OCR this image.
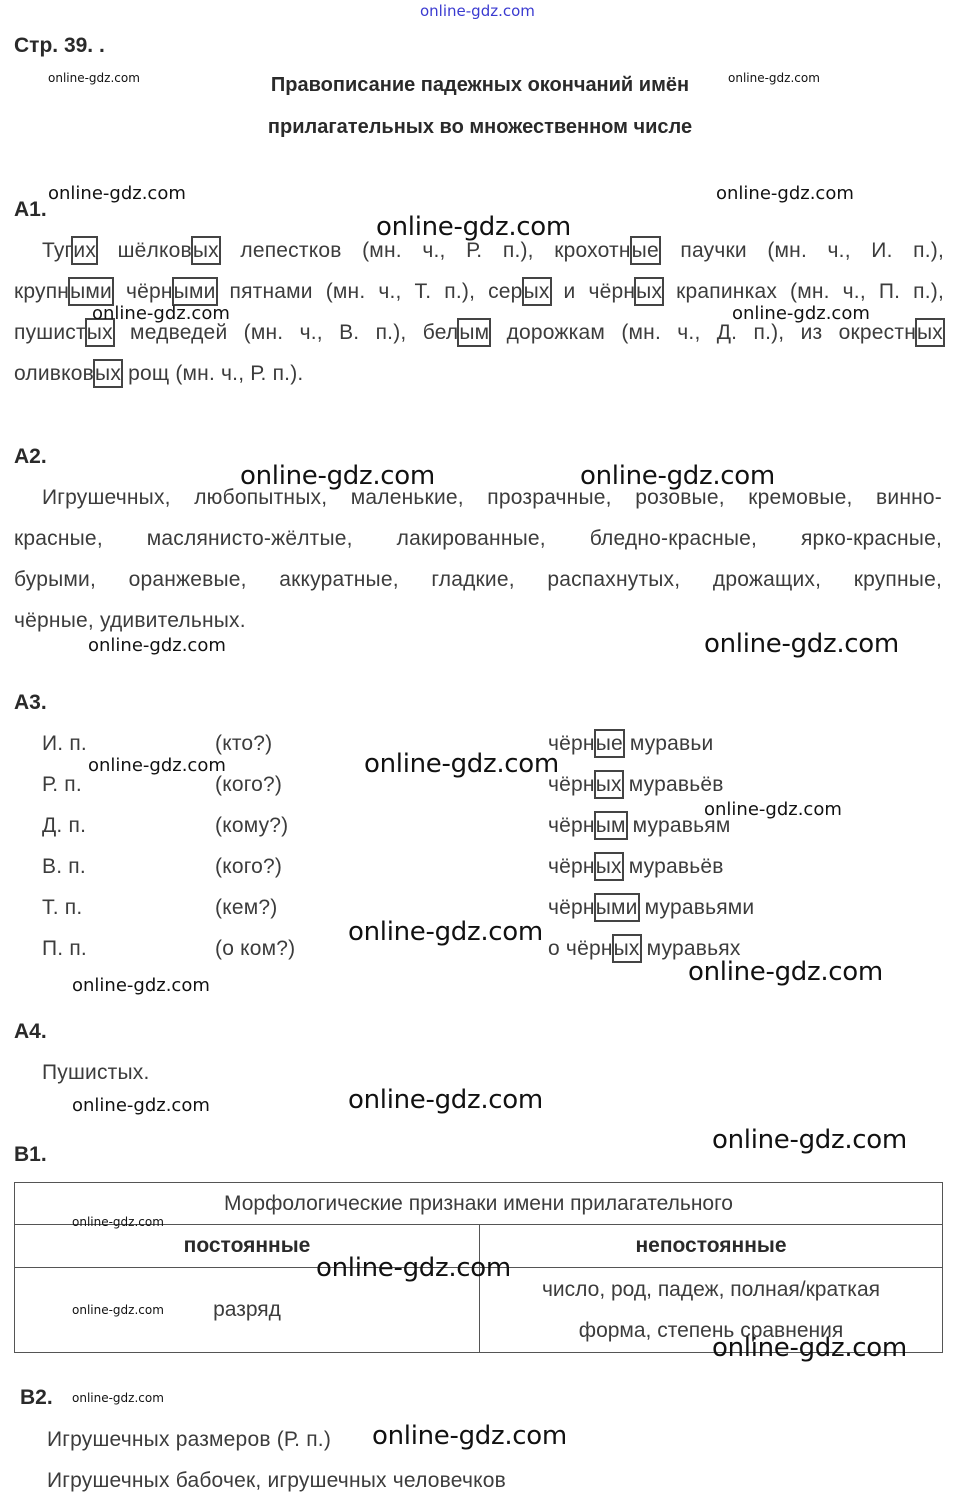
online-gdz.com
Стр. 39. .
Правописание падежных окончаний имён
прилагательных во множественном числе
А1.
Тугих шёлковых лепестков (мн. ч., Р. п.), крохотные паучки (мн. ч., И. п.),
крупными чёрными пятнами (мн. ч., Т. п.), серых и чёрных крапинках (мн. ч., П. п.),
пушистых медведей (мн. ч., В. п.), белым дорожкам (мн. ч., Д. п.), из окрестных
оливковых рощ (мн. ч., Р. п.).
А2.
Игрушечных, любопытных, маленькие, прозрачные, розовые, кремовые, винно-
красные, маслянисто-жёлтые, лакированные, бледно-красные, ярко-красные,
бурыми, оранжевые, аккуратные, гладкие, распахнутых, дрожащих, крупные,
чёрные, удивительных.
А3.
И. п.	(кто?)	чёрные муравьи
Р. п.	(кого?)	чёрных муравьёв
Д. п.	(кому?)	чёрным муравьям
В. п.	(кого?)	чёрных муравьёв
Т. п.	(кем?)	чёрными муравьями
П. п.	(о ком?)	о чёрных муравьях
А4.
Пушистых.
В1.
Морфологические признаки имени прилагательного	
постоянные	непостоянные
разряд	число, род, падеж, полная/краткая
форма, степень сравнения
В2.
Игрушечных размеров (Р. п.)
Игрушечных бабочек, игрушечных человечков
online-gdz.com	online-gdz.com
online-gdz.com	online-gdz.com
online-gdz.com
online-gdz.com	online-gdz.com
online-gdz.com	online-gdz.com
online-gdz.com	online-gdz.com
online-gdz.com	online-gdz.com
online-gdz.com
online-gdz.com
online-gdz.com
online-gdz.com
online-gdz.com	online-gdz.com
online-gdz.com
online-gdz.com
online-gdz.com
online-gdz.com
online-gdz.com
online-gdz.com
online-gdz.com
